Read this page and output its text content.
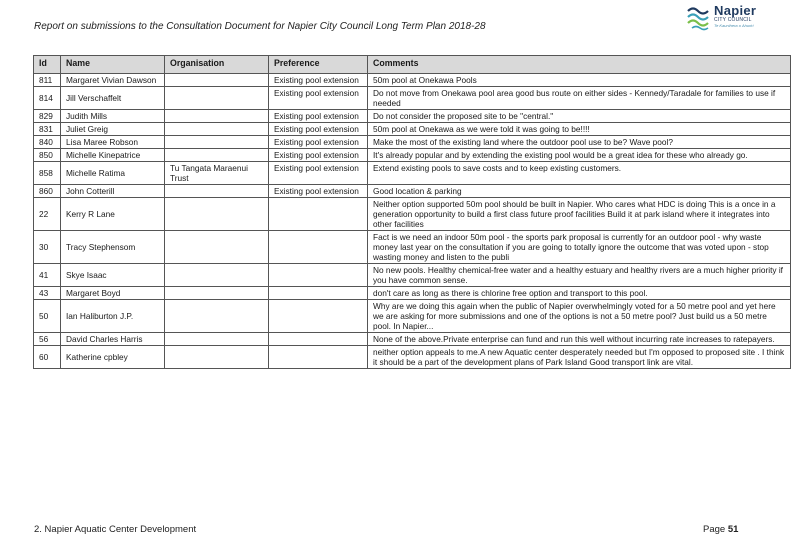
Report on submissions to the Consultation Document for Napier City Council Long Term Plan 2018-28
Napier
CITY COUNCIL
Te Kaunihera o Ahuriri
Id	Name	Organisation	Preference	Comments
811	Margaret Vivian Dawson		Existing pool extension	50m pool at Onekawa Pools
814	Jill Verschaffelt		Existing pool extension	Do not move from Onekawa pool area good bus route on either sides - Kennedy/Taradale for families to use if needed
829	Judith Mills		Existing pool extension	Do not consider the proposed site to be "central."
831	Juliet Greig		Existing pool extension	50m pool at Onekawa as we were told it was going to be!!!!
840	Lisa Maree Robson		Existing pool extension	Make the most of the existing land where the outdoor pool use to be? Wave pool?
850	Michelle Kinepatrice		Existing pool extension	It's already popular and by extending the existing pool would be a great idea for these who already go.
858	Michelle Ratima	Tu Tangata Maraenui Trust	Existing pool extension	Extend existing pools to save costs and to keep existing customers.
860	John Cotterill		Existing pool extension	Good location & parking
22	Kerry R Lane			Neither option supported 50m pool should be built in Napier. Who cares what HDC is doing This is a once in a generation opportunity to build a first class future proof facilities Build it at park island where it integrates into other facilities
30	Tracy Stephensom			Fact is we need an indoor 50m pool - the sports park proposal is currently for an outdoor pool - why waste money last year on the consultation if you are going to totally ignore the outcome that was voted upon - stop wasting money and listen to the publi
41	Skye Isaac			No new pools. Healthy chemical-free water and a healthy estuary and healthy rivers are a much higher priority if you have common sense.
43	Margaret Boyd			don't care as long as there is chlorine free option and transport to this pool.
50	Ian Haliburton J.P.			Why are we doing this again when the public of Napier overwhelmingly voted for a 50 metre pool and yet here we are asking for more submissions and one of the options is not a 50 metre pool? Just build us a 50 metre pool. In Napier...
56	David Charles Harris			None of the above.Private enterprise can fund and run this well without incurring rate increases to ratepayers.
60	Katherine cpbley			neither option appeals to me.A new Aquatic center desperately needed but I'm opposed to proposed site . I think it should be a part of the development plans of Park Island Good transport link are vital.
2. Napier Aquatic Center Development	Page 51
